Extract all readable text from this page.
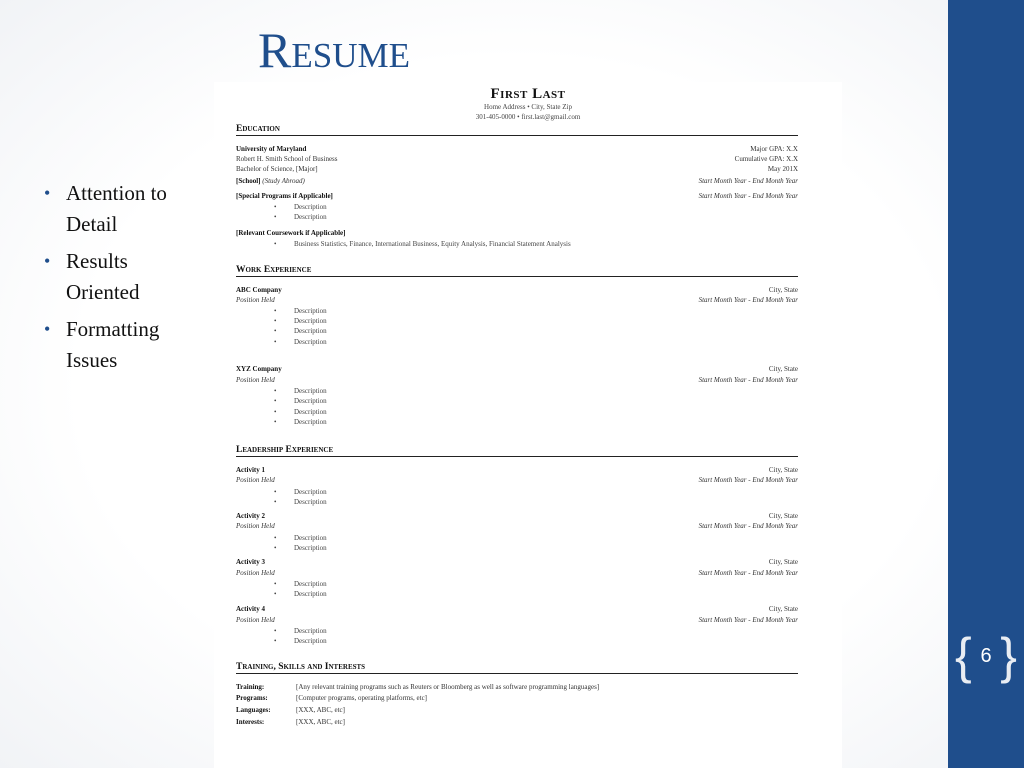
Resume
• Attention to Detail
• Results Oriented
• Formatting Issues
First Last
Home Address • City, State Zip
301-405-0000 • first.last@gmail.com
Education
University of Maryland	Major GPA: X.X
Robert H. Smith School of Business	Cumulative GPA: X.X
Bachelor of Science, [Major]	May 201X
[School] (Study Abroad)	Start Month Year - End Month Year
[Special Programs if Applicable]	Start Month Year - End Month Year
•	Description
•	Description
[Relevant Coursework if Applicable]
•	Business Statistics, Finance, International Business, Equity Analysis, Financial Statement Analysis
Work Experience
ABC Company	City, State
Position Held	Start Month Year - End Month Year
•	Description
•	Description
•	Description
•	Description
XYZ Company	City, State
Position Held	Start Month Year - End Month Year
•	Description
•	Description
•	Description
•	Description
Leadership Experience
Activity 1	City, State
Position Held	Start Month Year - End Month Year
•	Description
•	Description
Activity 2	City, State
Position Held	Start Month Year - End Month Year
•	Description
•	Description
Activity 3	City, State
Position Held	Start Month Year - End Month Year
•	Description
•	Description
Activity 4	City, State
Position Held	Start Month Year - End Month Year
•	Description
•	Description
Training, Skills and Interests
Training:	[Any relevant training programs such as Reuters or Bloomberg as well as software programming languages]
Programs:	[Computer programs, operating platforms, etc]
Languages:	[XXX, ABC, etc]
Interests:	[XXX, ABC, etc]
{ 6 }
